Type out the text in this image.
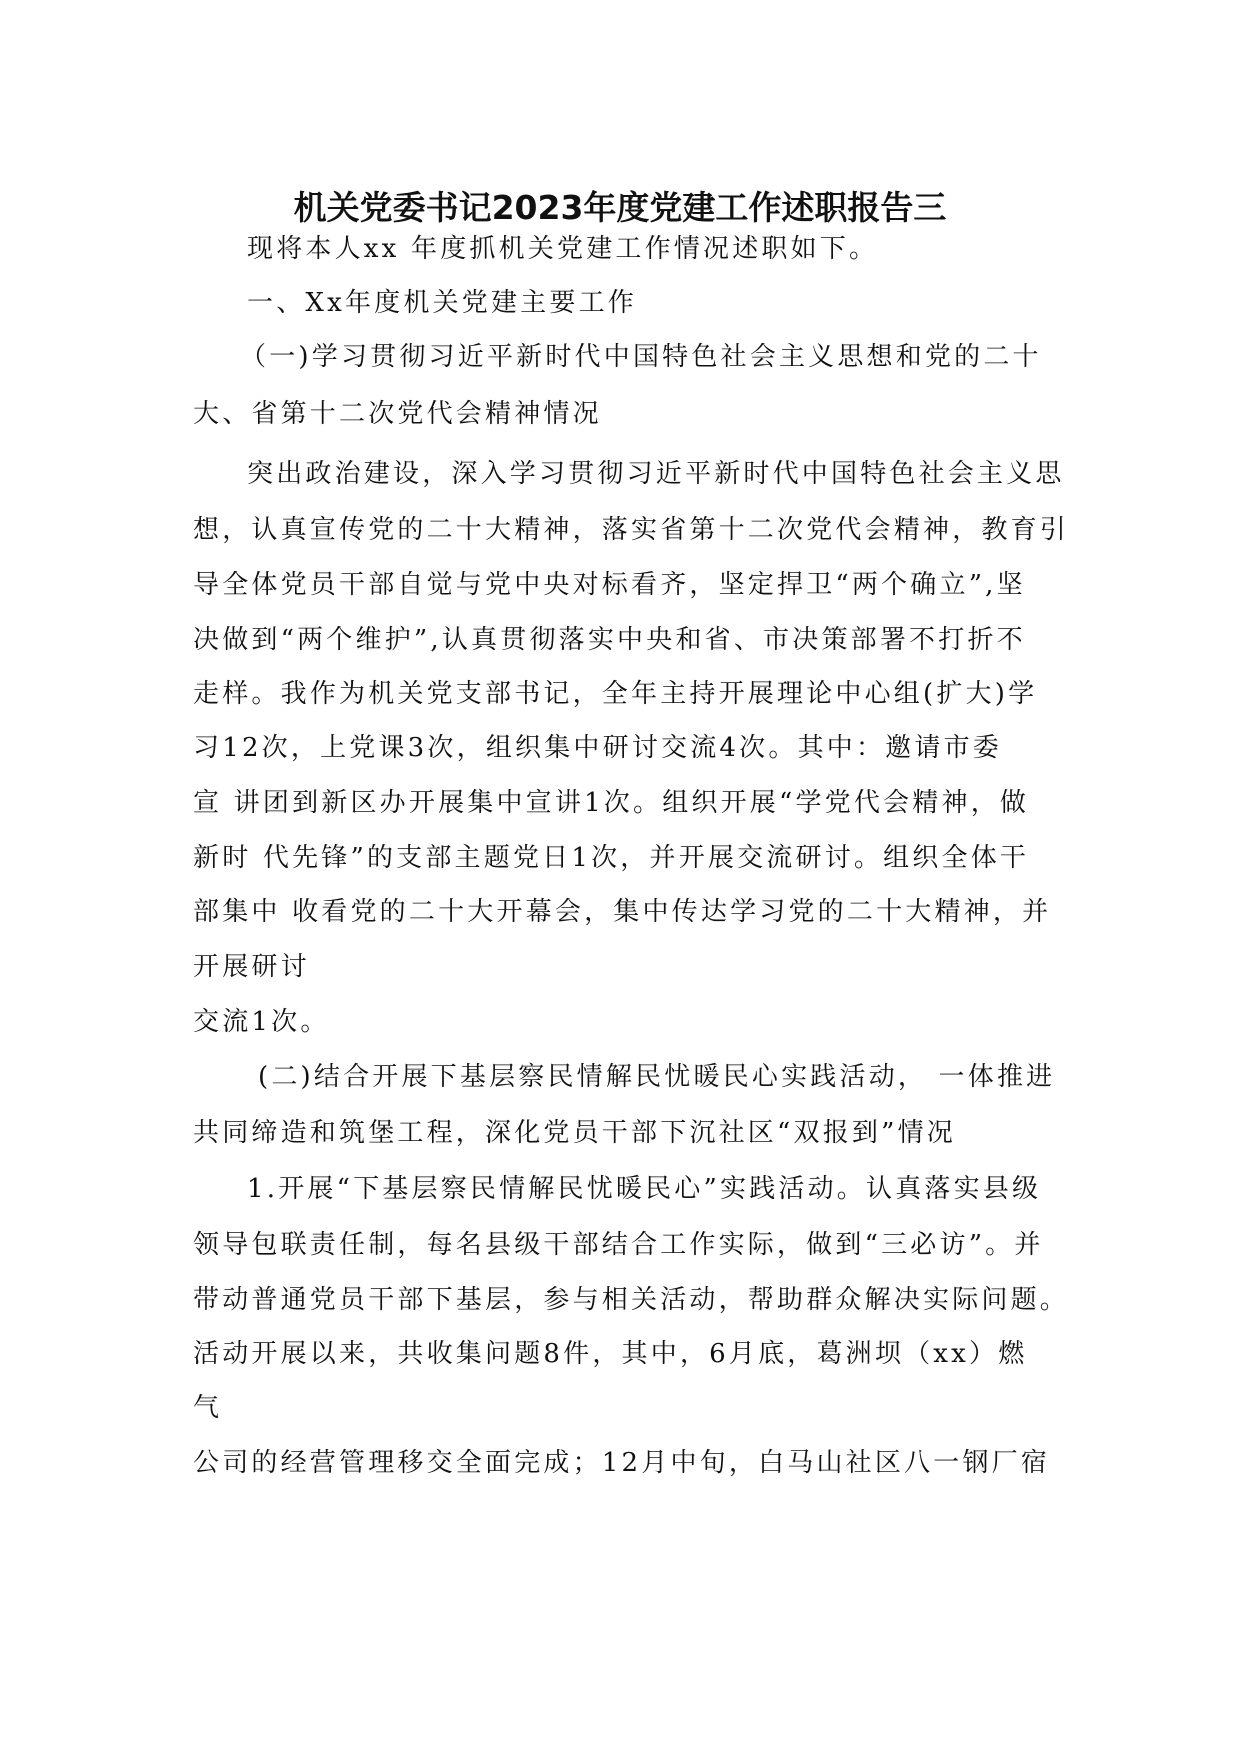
机关党委书记2023年度党建工作述职报告三
现将本人xx 年度抓机关党建工作情况述职如下。
一、Xx年度机关党建主要工作
（一)学习贯彻习近平新时代中国特色社会主义思想和党的二十
大、省第十二次党代会精神情况
突出政治建设，深入学习贯彻习近平新时代中国特色社会主义思
想，认真宣传党的二十大精神，落实省第十二次党代会精神，教育引
导全体党员干部自觉与党中央对标看齐，坚定捍卫“两个确立”,坚
决做到“两个维护”,认真贯彻落实中央和省、市决策部署不打折不
走样。我作为机关党支部书记，全年主持开展理论中心组(扩大)学
习12次，上党课3次，组织集中研讨交流4次。其中：邀请市委
宣 讲团到新区办开展集中宣讲1次。组织开展“学党代会精神，做
新时 代先锋”的支部主题党日1次，并开展交流研讨。组织全体干
部集中 收看党的二十大开幕会，集中传达学习党的二十大精神，并
开展研讨
交流1次。
(二)结合开展下基层察民情解民忧暖民心实践活动， 一体推进
共同缔造和筑堡工程，深化党员干部下沉社区“双报到”情况
1.开展“下基层察民情解民忧暖民心”实践活动。认真落实县级
领导包联责任制，每名县级干部结合工作实际，做到“三必访”。并
带动普通党员干部下基层，参与相关活动，帮助群众解决实际问题。
活动开展以来，共收集问题8件，其中，6月底，葛洲坝（xx）燃
气
公司的经营管理移交全面完成；12月中旬，白马山社区八一钢厂宿
